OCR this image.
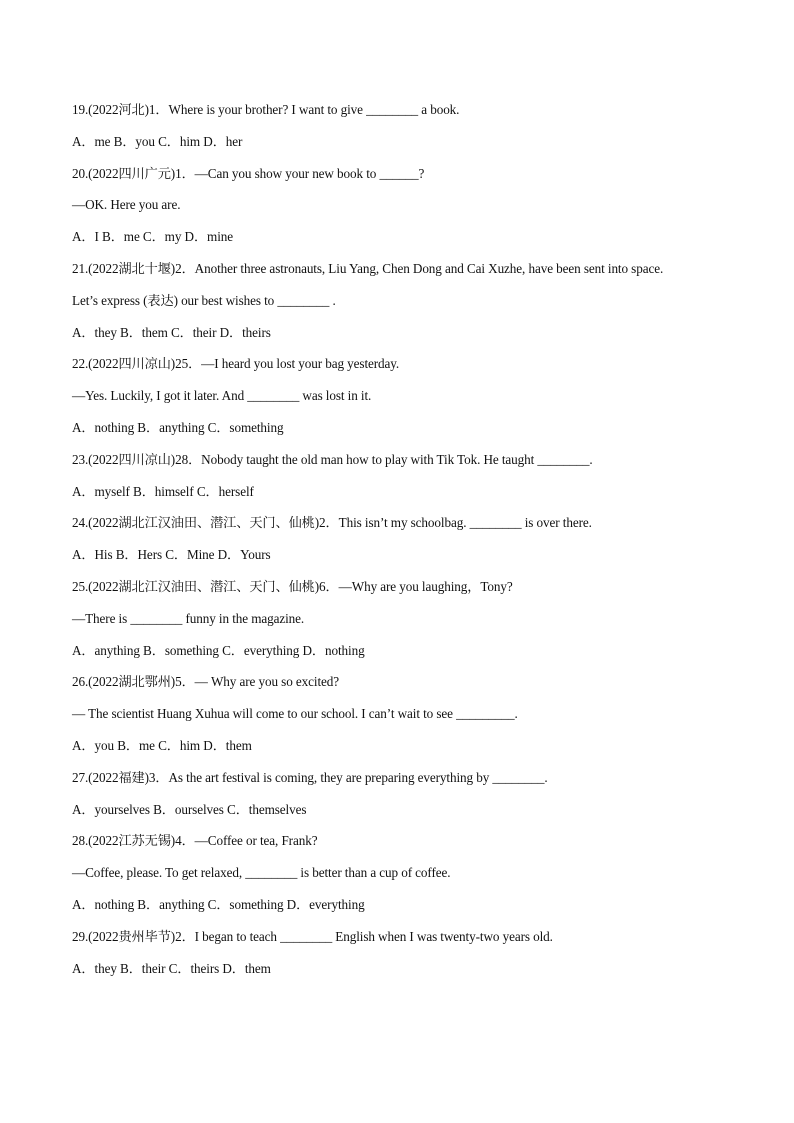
19.(2022河北)1．Where is your brother? I want to give ________ a book.
A．me B．you C．him D．her
20.(2022四川广元)1．—Can you show your new book to ______?
—OK. Here you are.
A．I B．me C．my D．mine
21.(2022湖北十堰)2．Another three astronauts, Liu Yang, Chen Dong and Cai Xuzhe, have been sent into space.
Let’s express (表达) our best wishes to ________ .
A．they B．them C．their D．theirs
22.(2022四川凉山)25．—I heard you lost your bag yesterday.
—Yes. Luckily, I got it later. And ________ was lost in it.
A．nothing B．anything C．something
23.(2022四川凉山)28．Nobody taught the old man how to play with Tik Tok. He taught ________.
A．myself B．himself C．herself
24.(2022湖北江汉油田、潜江、天门、仙桃)2．This isn’t my schoolbag. ________ is over there.
A．His B．Hers C．Mine D．Yours
25.(2022湖北江汉油田、潜江、天门、仙桃)6．—Why are you laughing，Tony?
—There is ________ funny in the magazine.
A．anything B．something C．everything D．nothing
26.(2022湖北鄂州)5．— Why are you so excited?
— The scientist Huang Xuhua will come to our school. I can’t wait to see _________.
A．you B．me C．him D．them
27.(2022福建)3．As the art festival is coming, they are preparing everything by ________.
A．yourselves B．ourselves C．themselves
28.(2022江苏无锡)4．—Coffee or tea, Frank?
—Coffee, please. To get relaxed, ________ is better than a cup of coffee.
A．nothing B．anything C．something D．everything
29.(2022贵州毕节)2．I began to teach ________ English when I was twenty-two years old.
A．they B．their C．theirs D．them
